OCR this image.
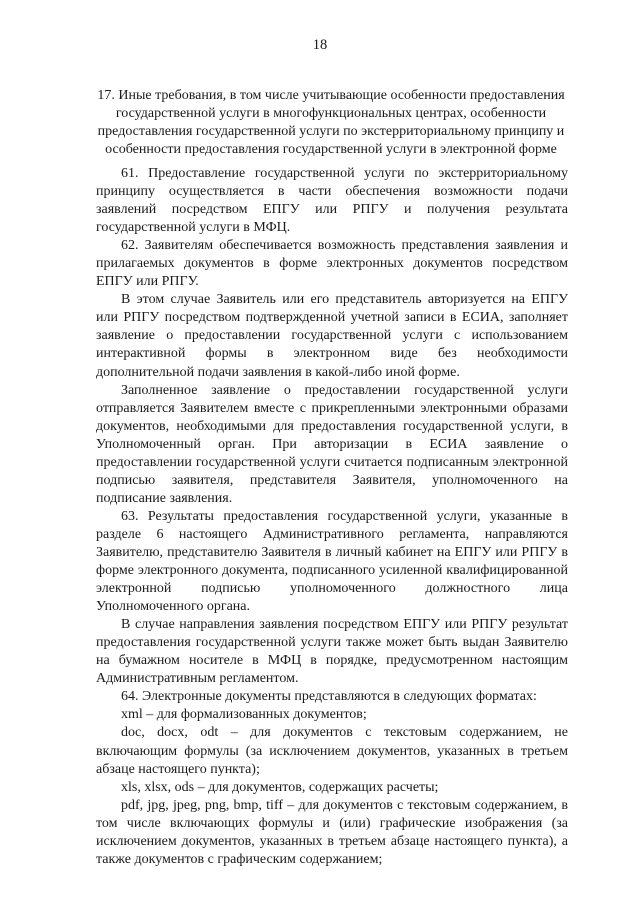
18
17. Иные требования, в том числе учитывающие особенности предоставления государственной услуги в многофункциональных центрах, особенности предоставления государственной услуги по экстерриториальному принципу и особенности предоставления государственной услуги в электронной форме

61. Предоставление государственной услуги по экстерриториальному принципу осуществляется в части обеспечения возможности подачи заявлений посредством ЕПГУ или РПГУ и получения результата государственной услуги в МФЦ.

62. Заявителям обеспечивается возможность представления заявления и прилагаемых документов в форме электронных документов посредством ЕПГУ или РПГУ.

В этом случае Заявитель или его представитель авторизуется на ЕПГУ или РПГУ посредством подтвержденной учетной записи в ЕСИА, заполняет заявление о предоставлении государственной услуги с использованием интерактивной формы в электронном виде без необходимости дополнительной подачи заявления в какой-либо иной форме.

Заполненное заявление о предоставлении государственной услуги отправляется Заявителем вместе с прикрепленными электронными образами документов, необходимыми для предоставления государственной услуги, в Уполномоченный орган. При авторизации в ЕСИА заявление о предоставлении государственной услуги считается подписанным электронной подписью заявителя, представителя Заявителя, уполномоченного на подписание заявления.

63. Результаты предоставления государственной услуги, указанные в разделе 6 настоящего Административного регламента, направляются Заявителю, представителю Заявителя в личный кабинет на ЕПГУ или РПГУ в форме электронного документа, подписанного усиленной квалифицированной электронной подписью уполномоченного должностного лица Уполномоченного органа.

В случае направления заявления посредством ЕПГУ или РПГУ результат предоставления государственной услуги также может быть выдан Заявителю на бумажном носителе в МФЦ в порядке, предусмотренном настоящим Административным регламентом.

64. Электронные документы представляются в следующих форматах:

xml – для формализованных документов;

doc, docx, odt – для документов с текстовым содержанием, не включающим формулы (за исключением документов, указанных в третьем абзаце настоящего пункта);

xls, xlsx, ods – для документов, содержащих расчеты;

pdf, jpg, jpeg, png, bmp, tiff – для документов с текстовым содержанием, в том числе включающих формулы и (или) графические изображения (за исключением документов, указанных в третьем абзаце настоящего пункта), а также документов с графическим содержанием;
